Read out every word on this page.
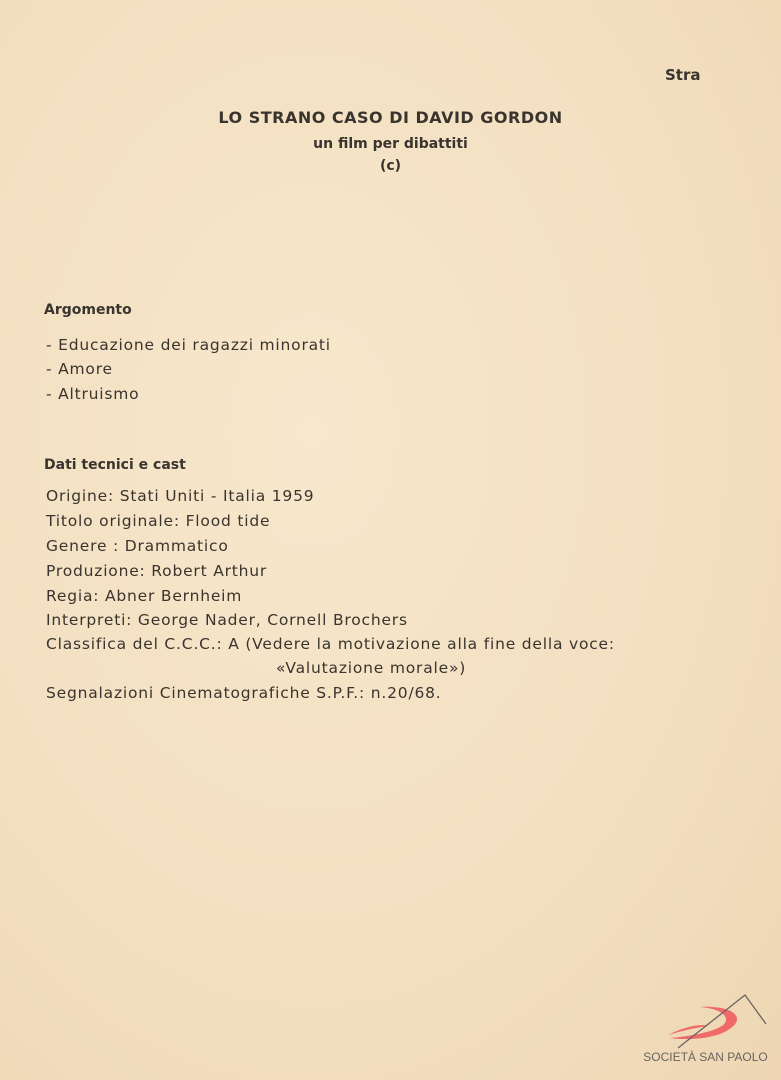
Stra
LO STRANO CASO DI DAVID GORDON
un film per dibattiti
(c)
Argomento
- Educazione dei ragazzi minorati
- Amore
- Altruismo
Dati tecnici e cast
Origine: Stati Uniti - Italia 1959
Titolo originale: Flood tide
Genere : Drammatico
Produzione: Robert Arthur
Regia: Abner Bernheim
Interpreti: George Nader, Cornell Brochers
Classifica del C.C.C.: A (Vedere la motivazione alla fine della voce:
«Valutazione morale»)
Segnalazioni Cinematografiche S.P.F.: n.20/68.
SOCIETÀ SAN PAOLO
